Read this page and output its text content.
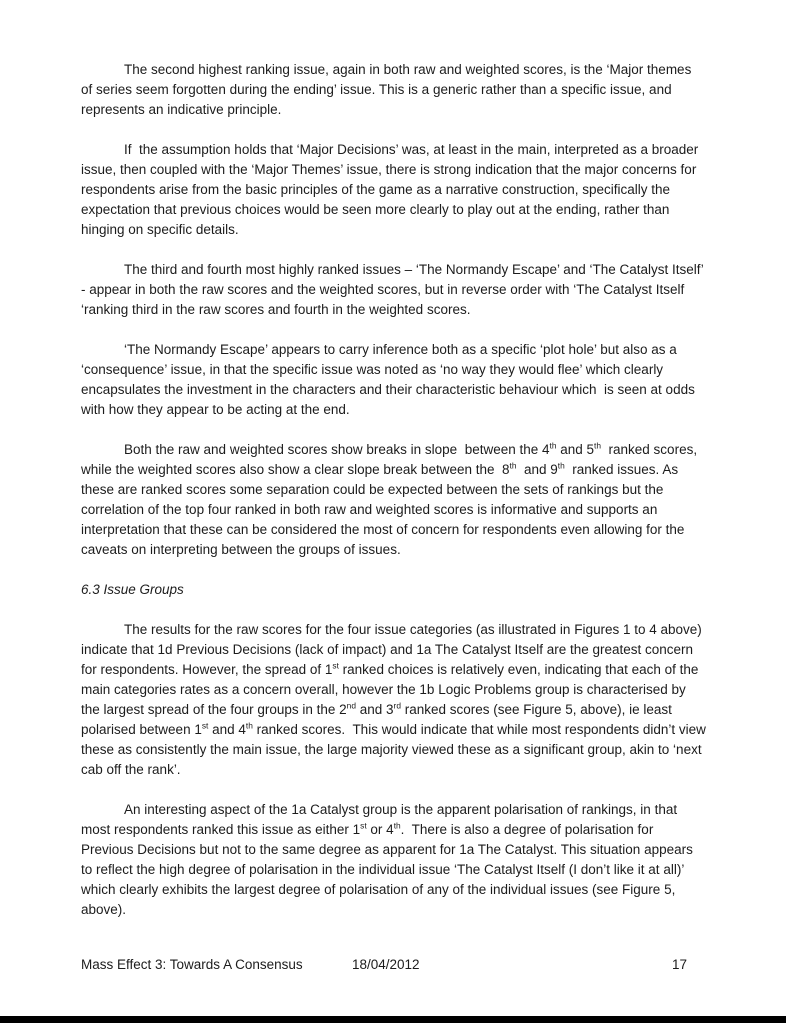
The second highest ranking issue, again in both raw and weighted scores, is the ‘Major themes of series seem forgotten during the ending’ issue. This is a generic rather than a specific issue, and represents an indicative principle.

If  the assumption holds that ‘Major Decisions’ was, at least in the main, interpreted as a broader issue, then coupled with the ‘Major Themes’ issue, there is strong indication that the major concerns for respondents arise from the basic principles of the game as a narrative construction, specifically the expectation that previous choices would be seen more clearly to play out at the ending, rather than hinging on specific details.

The third and fourth most highly ranked issues – ‘The Normandy Escape’ and ‘The Catalyst Itself’ - appear in both the raw scores and the weighted scores, but in reverse order with ‘The Catalyst Itself ‘ranking third in the raw scores and fourth in the weighted scores.

‘The Normandy Escape’ appears to carry inference both as a specific ‘plot hole’ but also as a ‘consequence’ issue, in that the specific issue was noted as ‘no way they would flee’ which clearly encapsulates the investment in the characters and their characteristic behaviour which  is seen at odds with how they appear to be acting at the end.

Both the raw and weighted scores show breaks in slope  between the 4th and 5th  ranked scores, while the weighted scores also show a clear slope break between the  8th  and 9th  ranked issues. As these are ranked scores some separation could be expected between the sets of rankings but the correlation of the top four ranked in both raw and weighted scores is informative and supports an interpretation that these can be considered the most of concern for respondents even allowing for the caveats on interpreting between the groups of issues.

6.3 Issue Groups

The results for the raw scores for the four issue categories (as illustrated in Figures 1 to 4 above) indicate that 1d Previous Decisions (lack of impact) and 1a The Catalyst Itself are the greatest concern for respondents. However, the spread of 1st ranked choices is relatively even, indicating that each of the main categories rates as a concern overall, however the 1b Logic Problems group is characterised by the largest spread of the four groups in the 2nd and 3rd ranked scores (see Figure 5, above), ie least polarised between 1st and 4th ranked scores.  This would indicate that while most respondents didn’t view these as consistently the main issue, the large majority viewed these as a significant group, akin to ‘next cab off the rank’.

An interesting aspect of the 1a Catalyst group is the apparent polarisation of rankings, in that most respondents ranked this issue as either 1st or 4th.  There is also a degree of polarisation for  Previous Decisions but not to the same degree as apparent for 1a The Catalyst. This situation appears to reflect the high degree of polarisation in the individual issue ‘The Catalyst Itself (I don’t like it at all)’ which clearly exhibits the largest degree of polarisation of any of the individual issues (see Figure 5, above).

Mass Effect 3: Towards A Consensus	18/04/2012	17
